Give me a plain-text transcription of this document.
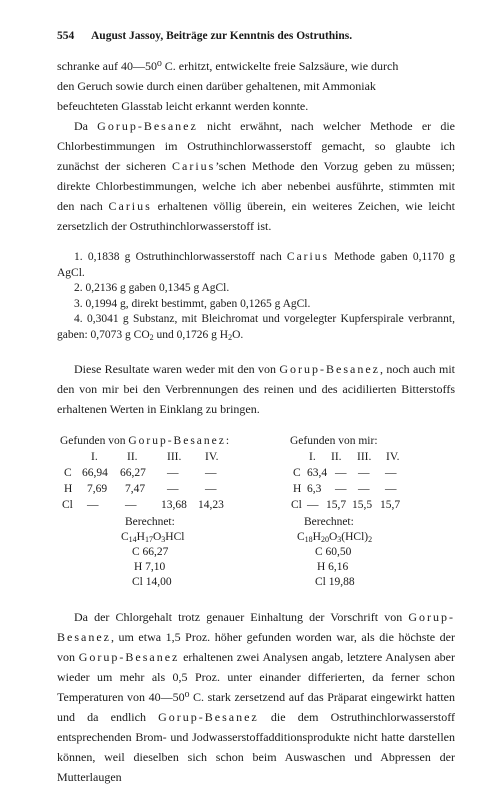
554	August Jassoy, Beiträge zur Kenntnis des Ostruthins.

schranke auf 40—50⁰ C. erhitzt, entwickelte freie Salzsäure, wie durch

den Geruch sowie durch einen darüber gehaltenen, mit Ammoniak

befeuchteten Glasstab leicht erkannt werden konnte.

Da Gorup-Besanez nicht erwähnt, nach welcher Methode er die Chlorbestimmungen im Ostruthinchlorwasserstoff gemacht, so glaubte ich zunächst der sicheren Carius’schen Methode den Vorzug geben zu müssen; direkte Chlorbestimmungen, welche ich aber nebenbei ausführte, stimmten mit den nach Carius erhaltenen völlig überein, ein weiteres Zeichen, wie leicht zersetzlich der Ostruthinchlorwasserstoff ist.

1. 0,1838 g Ostruthinchlorwasserstoff nach Carius Methode gaben 0,1170 g AgCl.

2. 0,2136 g gaben 0,1345 g AgCl.

3. 0,1994 g, direkt bestimmt, gaben 0,1265 g AgCl.

4. 0,3041 g Substanz, mit Bleichromat und vorgelegter Kupferspirale verbrannt, gaben: 0,7073 g $CO_2$ und 0,1726 g $H_2O$.

Diese Resultate waren weder mit den von Gorup-Besanez, noch auch mit den von mir bei den Verbrennungen des reinen und des acidilierten Bitterstoffs erhaltenen Werten in Einklang zu bringen.

Gefunden von Gorup-Besanez:	Gefunden von mir:
I.	II.	III. IV.	I. II. III. IV.
C 66,94 66,27 — —	C 63,4 — — —
H 7,69 7,47 — —	H 6,3 — — —
Cl — — 13,68 14,23	Cl — 15,7 15,5 15,7
Berechnet:
$C_{14}H_{17}O_3HCl$
C 66,27
H 7,10
Cl 14,00
Berechnet:
$C_{18}H_{20}O_3(HCl)_2$
C 60,50
H 6,16
Cl 19,88

Da der Chlorgehalt trotz genauer Einhaltung der Vorschrift von Gorup-Besanez, um etwa 1,5 Proz. höher gefunden worden war, als die höchste der von Gorup-Besanez erhaltenen zwei Analysen angab, letztere Analysen aber wieder um mehr als 0,5 Proz. unter einander differierten, da ferner schon Temperaturen von 40—50⁰ C. stark zersetzend auf das Präparat eingewirkt hatten und da endlich Gorup-Besanez die dem Ostruthinchlorwasserstoff entsprechenden Brom- und Jodwasserstoffadditionsprodukte nicht hatte darstellen können, weil dieselben sich schon beim Auswaschen und Abpressen der Mutterlaugen
